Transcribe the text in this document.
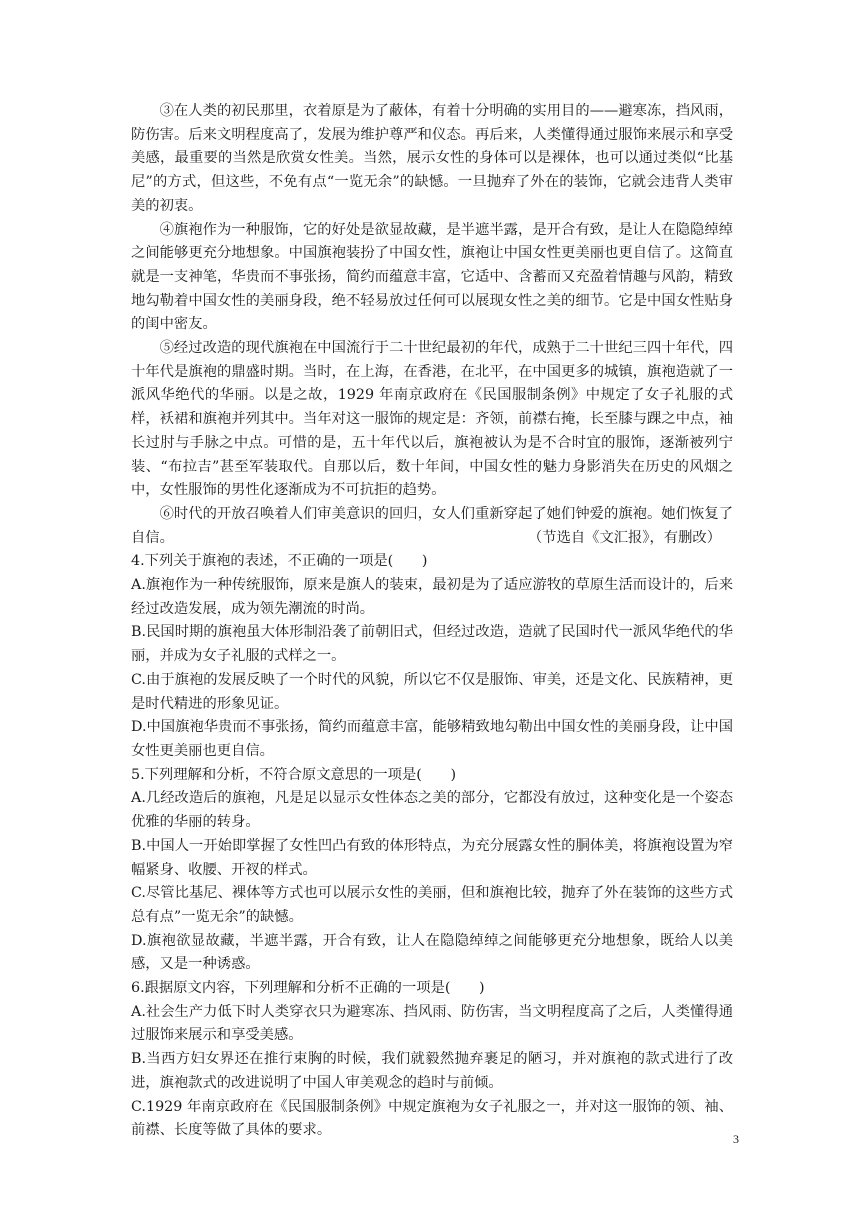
③在人类的初民那里，衣着原是为了蔽体，有着十分明确的实用目的——避寒冻，挡风雨，防伤害。后来文明程度高了，发展为维护尊严和仪态。再后来，人类懂得通过服饰来展示和享受美感，最重要的当然是欣赏女性美。当然，展示女性的身体可以是裸体，也可以通过类似“比基尼”的方式，但这些，不免有点“一览无余”的缺憾。一旦抛弃了外在的装饰，它就会违背人类审美的初衷。

④旗袍作为一种服饰，它的好处是欲显故藏，是半遮半露，是开合有致，是让人在隐隐绰绰之间能够更充分地想象。中国旗袍装扮了中国女性，旗袍让中国女性更美丽也更自信了。这简直就是一支神笔，华贵而不事张扬，简约而蕴意丰富，它适中、含蓄而又充盈着情趣与风韵，精致地勾勒着中国女性的美丽身段，绝不轻易放过任何可以展现女性之美的细节。它是中国女性贴身的闺中密友。

⑤经过改造的现代旗袍在中国流行于二十世纪最初的年代，成熟于二十世纪三四十年代，四十年代是旗袍的鼎盛时期。当时，在上海，在香港，在北平，在中国更多的城镇，旗袍造就了一派风华绝代的华丽。以是之故，1929 年南京政府在《民国服制条例》中规定了女子礼服的式样，袄裙和旗袍并列其中。当年对这一服饰的规定是：齐领，前襟右掩，长至膝与踝之中点，袖长过肘与手脉之中点。可惜的是，五十年代以后，旗袍被认为是不合时宜的服饰，逐渐被列宁装、“布拉吉”甚至军装取代。自那以后，数十年间，中国女性的魅力身影消失在历史的风烟之中，女性服饰的男性化逐渐成为不可抗拒的趋势。

⑥时代的开放召唤着人们审美意识的回归，女人们重新穿起了她们钟爱的旗袍。她们恢复了自信。	（节选自《文汇报》，有删改）

4.下列关于旗袍的表述，不正确的一项是(　　)

A.旗袍作为一种传统服饰，原来是旗人的装束，最初是为了适应游牧的草原生活而设计的，后来经过改造发展，成为领先潮流的时尚。

B.民国时期的旗袍虽大体形制沿袭了前朝旧式，但经过改造，造就了民国时代一派风华绝代的华丽，并成为女子礼服的式样之一。

C.由于旗袍的发展反映了一个时代的风貌，所以它不仅是服饰、审美，还是文化、民族精神，更是时代精进的形象见证。

D.中国旗袍华贵而不事张扬，简约而蕴意丰富，能够精致地勾勒出中国女性的美丽身段，让中国女性更美丽也更自信。

5.下列理解和分析，不符合原文意思的一项是(　　)

A.几经改造后的旗袍，凡是足以显示女性体态之美的部分，它都没有放过，这种变化是一个姿态优雅的华丽的转身。

B.中国人一开始即掌握了女性凹凸有致的体形特点，为充分展露女性的胴体美，将旗袍设置为窄幅紧身、收腰、开衩的样式。

C.尽管比基尼、裸体等方式也可以展示女性的美丽，但和旗袍比较，抛弃了外在装饰的这些方式总有点”一览无余”的缺憾。

D.旗袍欲显故藏，半遮半露，开合有致，让人在隐隐绰绰之间能够更充分地想象，既给人以美感，又是一种诱惑。

6.跟据原文内容，下列理解和分析不正确的一项是(　　)

A.社会生产力低下时人类穿衣只为避寒冻、挡风雨、防伤害，当文明程度高了之后，人类懂得通过服饰来展示和享受美感。

B.当西方妇女界还在推行束胸的时候，我们就毅然抛弃裹足的陋习，并对旗袍的款式进行了改进，旗袍款式的改进说明了中国人审美观念的趋时与前倾。

C.1929 年南京政府在《民国服制条例》中规定旗袍为女子礼服之一，并对这一服饰的领、袖、前襟、长度等做了具体的要求。

3
